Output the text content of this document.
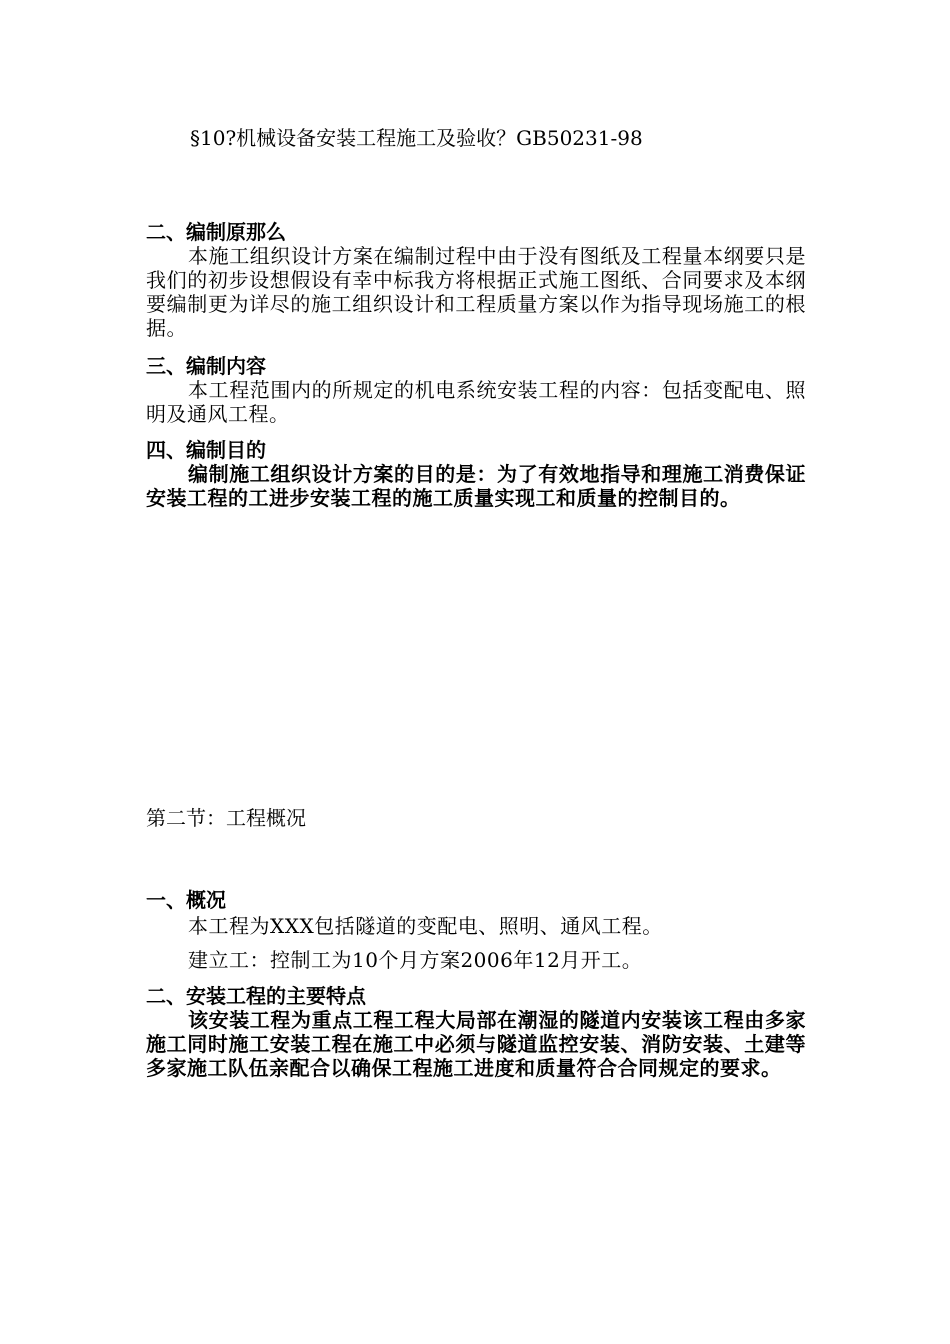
§10?机械设备安装工程施工及验收？GB50231-98

二、编制原那么

本施工组织设计方案在编制过程中由于没有图纸及工程量本纲要只是我们的初步设想假设有幸中标我方将根据正式施工图纸、合同要求及本纲要编制更为详尽的施工组织设计和工程质量方案以作为指导现场施工的根据。

三、编制内容

本工程范围内的所规定的机电系统安装工程的内容：包括变配电、照明及通风工程。

四、编制目的

编制施工组织设计方案的目的是：为了有效地指导和理施工消费保证安装工程的工进步安装工程的施工质量实现工和质量的控制目的。

第二节：工程概况

一、概况

本工程为XXX包括隧道的变配电、照明、通风工程。

建立工：控制工为10个月方案2006年12月开工。

二、安装工程的主要特点

该安装工程为重点工程工程大局部在潮湿的隧道内安装该工程由多家施工同时施工安装工程在施工中必须与隧道监控安装、消防安装、土建等多家施工队伍亲配合以确保工程施工进度和质量符合合同规定的要求。
